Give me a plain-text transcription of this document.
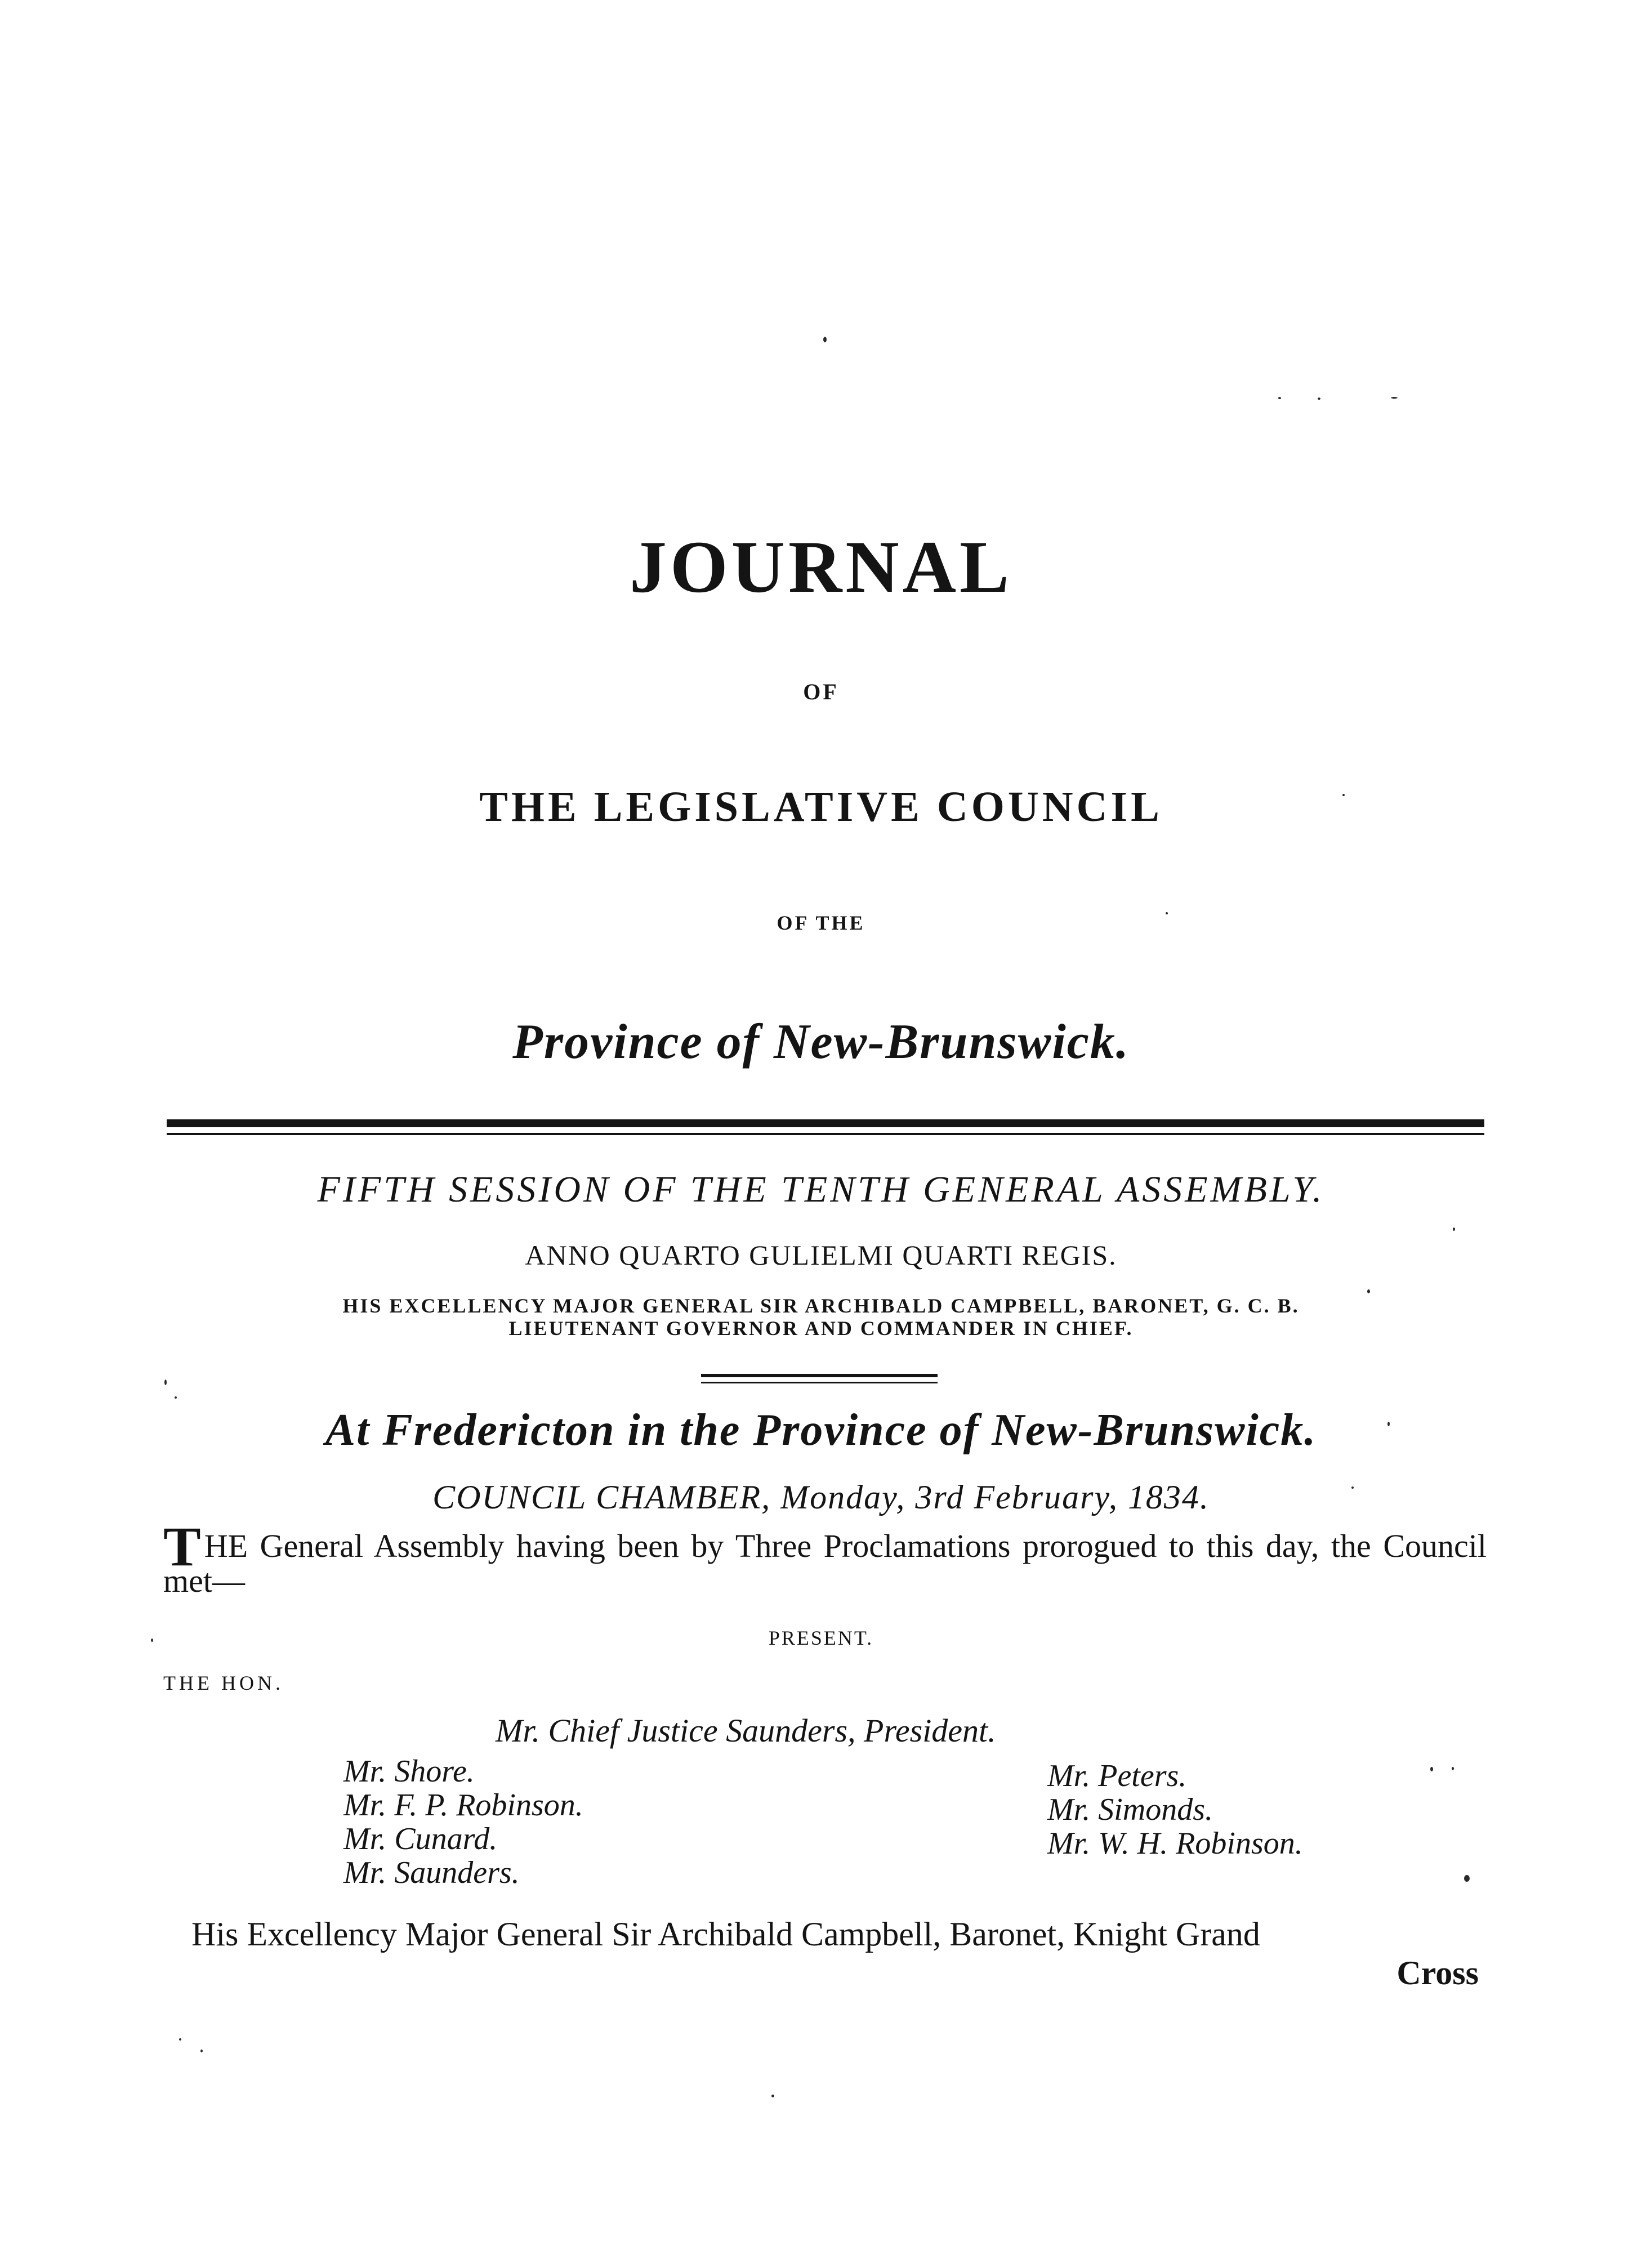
JOURNAL
OF
THE LEGISLATIVE COUNCIL
OF THE
Province of New-Brunswick.
FIFTH SESSION OF THE TENTH GENERAL ASSEMBLY.
ANNO QUARTO GULIELMI QUARTI REGIS.
HIS EXCELLENCY MAJOR GENERAL SIR ARCHIBALD CAMPBELL, BARONET, G. C. B.
LIEUTENANT GOVERNOR AND COMMANDER IN CHIEF.
At Fredericton in the Province of New-Brunswick.
COUNCIL CHAMBER, Monday, 3rd February, 1834.
THE General Assembly having been by Three Proclamations prorogued to this day, the Council met—
PRESENT.
THE HON.
Mr. Chief Justice Saunders, President.
Mr. Shore.
Mr. F. P. Robinson.
Mr. Cunard.
Mr. Saunders.
Mr. Peters.
Mr. Simonds.
Mr. W. H. Robinson.
His Excellency Major General Sir Archibald Campbell, Baronet, Knight Grand
Cross
